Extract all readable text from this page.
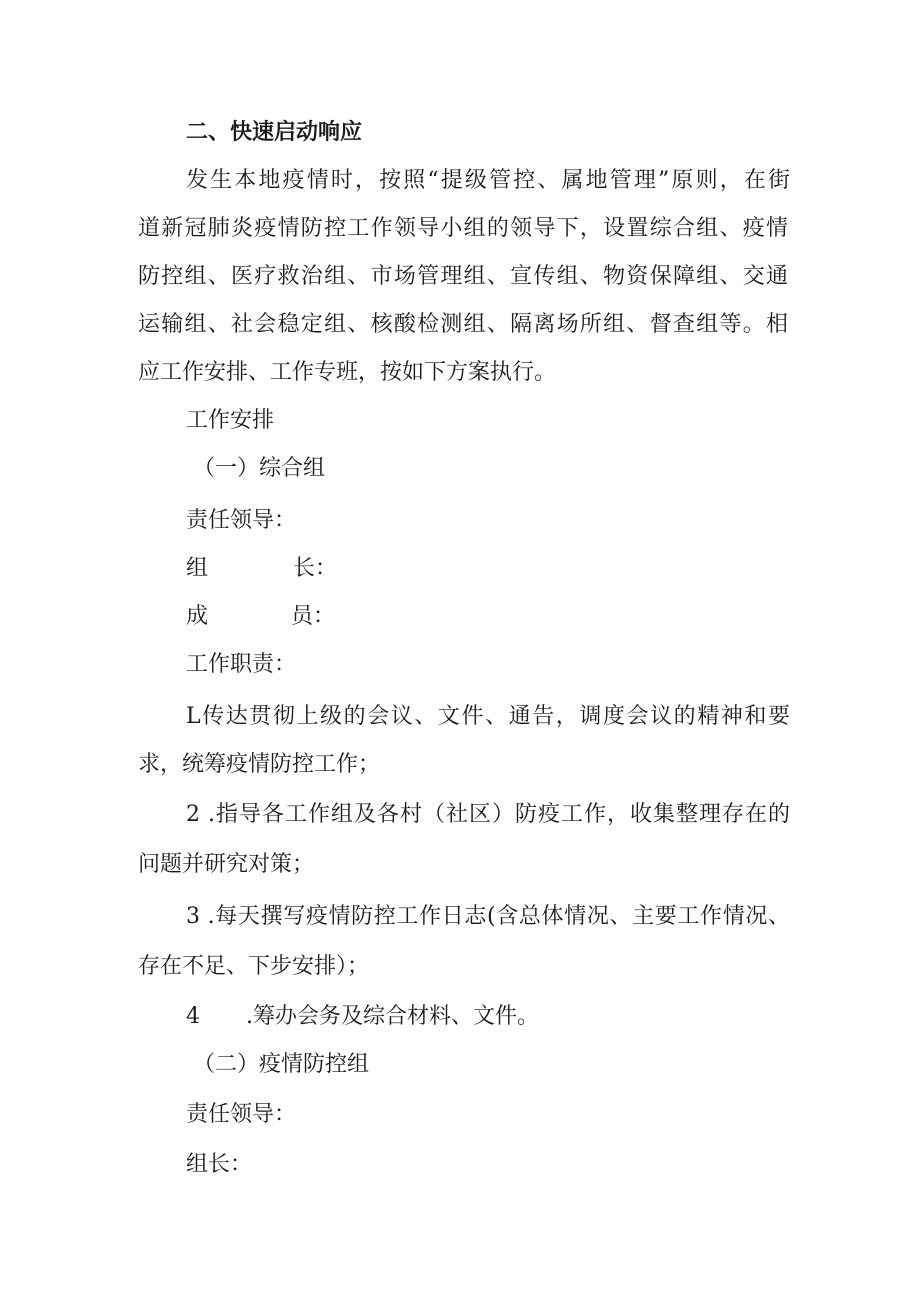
二、快速启动响应

发生本地疫情时，按照“提级管控、属地管理”原则，在街

道新冠肺炎疫情防控工作领导小组的领导下，设置综合组、疫情

防控组、医疗救治组、市场管理组、宣传组、物资保障组、交通

运输组、社会稳定组、核酸检测组、隔离场所组、督查组等。相

应工作安排、工作专班，按如下方案执行。

工作安排

（一）综合组

责任领导：

组	长：

成	员：

工作职责：

L传达贯彻上级的会议、文件、通告，调度会议的精神和要

求，统筹疫情防控工作；

2 .指导各工作组及各村（社区）防疫工作，收集整理存在的

问题并研究对策；

3 .每天撰写疫情防控工作日志(含总体情况、主要工作情况、

存在不足、下步安排）；

4 .筹办会务及综合材料、文件。

（二）疫情防控组

责任领导：

组长：
